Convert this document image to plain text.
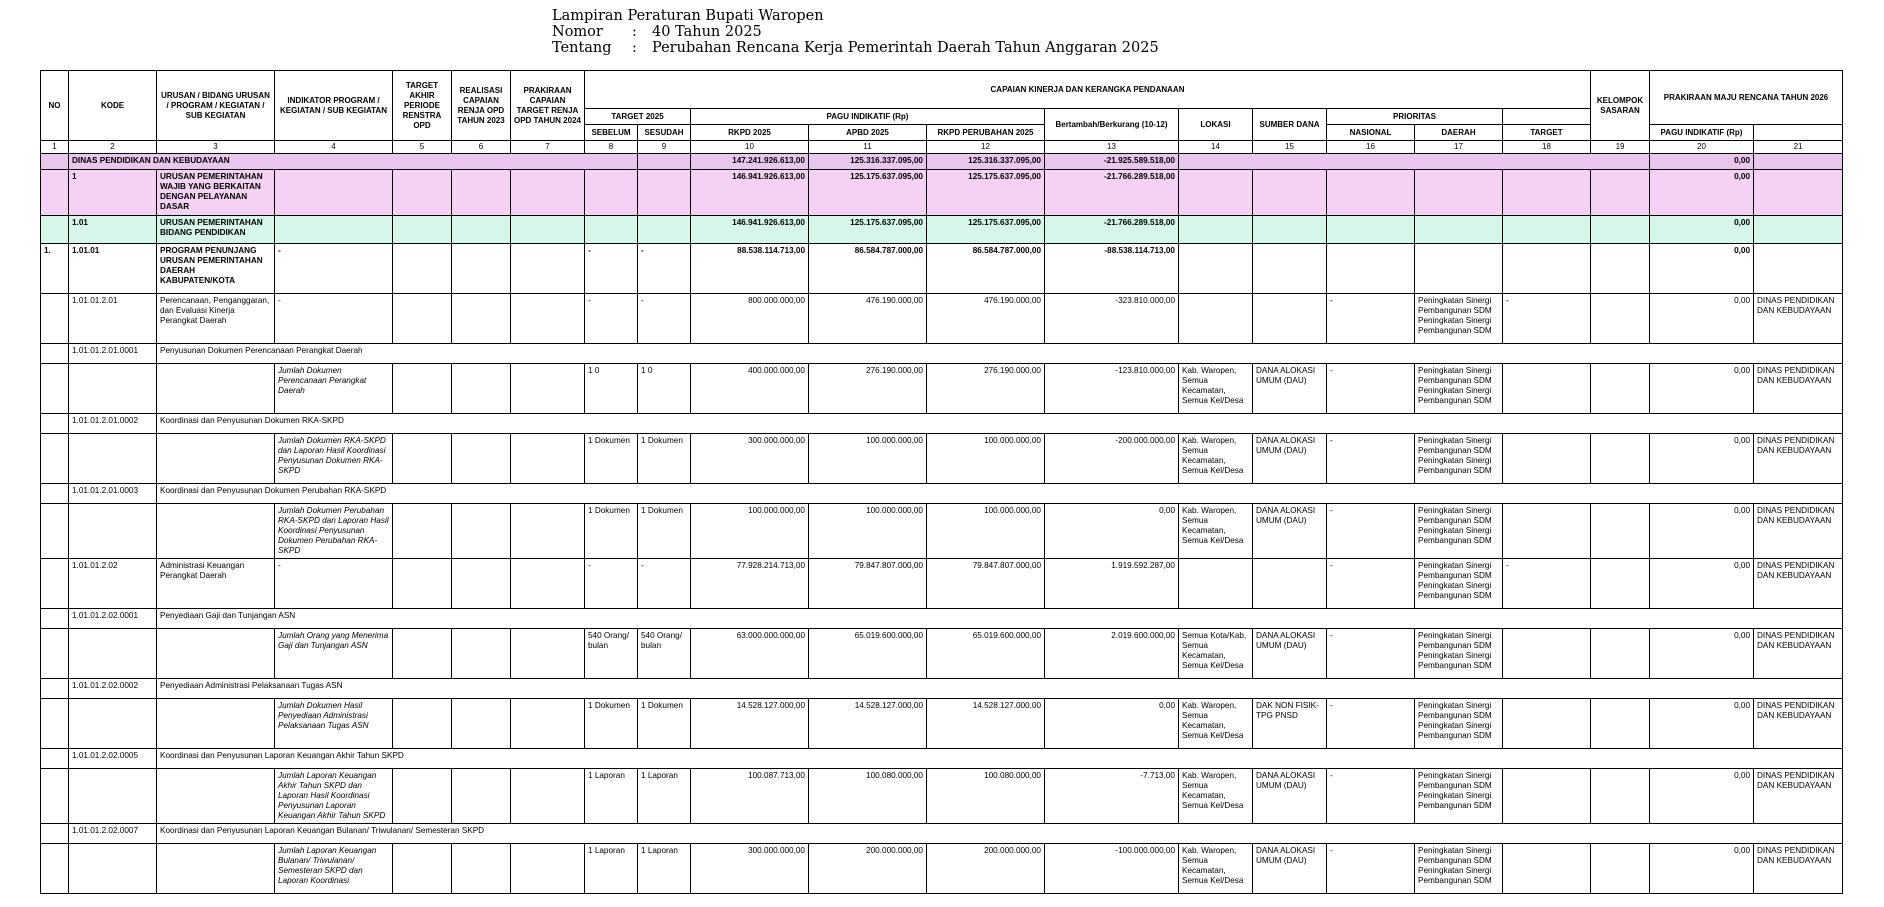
Lampiran Peraturan Bupati Waropen
Nomor	:	40 Tahun 2025
Tentang	:	Perubahan Rencana Kerja Pemerintah Daerah Tahun Anggaran 2025
NO	KODE	URUSAN / BIDANG URUSAN / PROGRAM / KEGIATAN / SUB KEGIATAN	INDIKATOR PROGRAM / KEGIATAN / SUB KEGIATAN	TARGET AKHIR PERIODE RENSTRA OPD	REALISASI CAPAIAN RENJA OPD TAHUN 2023	PRAKIRAAN CAPAIAN TARGET RENJA OPD TAHUN 2024	CAPAIAN KINERJA DAN KERANGKA PENDANAAN											KELOMPOK SASARAN	PRAKIRAAN MAJU RENCANA TAHUN 2026	
							TARGET 2025		PAGU INDIKATIF (Rp)			Bertambah/Berkurang (10-12)	LOKASI	SUMBER DANA	PRIORITAS						
							SEBELUM	SESUDAH	RKPD 2025	APBD 2025	RKPD PERUBAHAN 2025				NASIONAL	DAERAH	TARGET		PAGU INDIKATIF (Rp)		
1	2	3	4	5	6	7	8	9	10	11	12	13	14	15	16	17	18	19	20	21	
	DINAS PENDIDIKAN DAN KEBUDAYAAN								147.241.926.613,00	125.316.337.095,00	125.316.337.095,00	-21.925.589.518,00							0,00		
	1	URUSAN PEMERINTAHAN WAJIB YANG BERKAITAN DENGAN PELAYANAN DASAR							146.941.926.613,00	125.175.637.095,00	125.175.637.095,00	-21.766.289.518,00							0,00		
	1.01	URUSAN PEMERINTAHAN BIDANG PENDIDIKAN							146.941.926.613,00	125.175.637.095,00	125.175.637.095,00	-21.766.289.518,00							0,00		
1.	1.01.01	PROGRAM PENUNJANG URUSAN PEMERINTAHAN DAERAH KABUPATEN/KOTA	-				-	-	88.538.114.713,00	86.584.787.000,00	86.584.787.000,00	-88.538.114.713,00							0,00		
	1.01.01.2.01	Perencanaan, Penganggaran, dan Evaluasi Kinerja Perangkat Daerah	-				-	-	800.000.000,00	476.190.000,00	476.190.000,00	-323.810.000,00			-	Peningkatan Sinergi Pembangunan SDM Peningkatan Sinergi Pembangunan SDM	-		0,00	DINAS PENDIDIKAN DAN KEBUDAYAAN	
	1.01.01.2.01.0001	Penyusunan Dokumen Perencanaan Perangkat Daerah																			
			Jumlah Dokumen Perencanaan Perangkat Daerah				1 0	1 0	400.000.000,00	276.190.000,00	276.190.000,00	-123.810.000,00	Kab. Waropen, Semua Kecamatan, Semua Kel/Desa	DANA ALOKASI UMUM (DAU)	-	Peningkatan Sinergi Pembangunan SDM Peningkatan Sinergi Pembangunan SDM			0,00	DINAS PENDIDIKAN DAN KEBUDAYAAN	
	1.01.01.2.01.0002	Koordinasi dan Penyusunan Dokumen RKA-SKPD																			
			Jumlah Dokumen RKA-SKPD dan Laporan Hasil Koordinasi Penyusunan Dokumen RKA-SKPD				1 Dokumen	1 Dokumen	300.000.000,00	100.000.000,00	100.000.000,00	-200.000.000,00	Kab. Waropen, Semua Kecamatan, Semua Kel/Desa	DANA ALOKASI UMUM (DAU)	-	Peningkatan Sinergi Pembangunan SDM Peningkatan Sinergi Pembangunan SDM			0,00	DINAS PENDIDIKAN DAN KEBUDAYAAN	
	1.01.01.2.01.0003	Koordinasi dan Penyusunan Dokumen Perubahan RKA-SKPD																			
			Jumlah Dokumen Perubahan RKA-SKPD dan Laporan Hasil Koordinasi Penyusunan Dokumen Perubahan RKA-SKPD				1 Dokumen	1 Dokumen	100.000.000,00	100.000.000,00	100.000.000,00	0,00	Kab. Waropen, Semua Kecamatan, Semua Kel/Desa	DANA ALOKASI UMUM (DAU)	-	Peningkatan Sinergi Pembangunan SDM Peningkatan Sinergi Pembangunan SDM			0,00	DINAS PENDIDIKAN DAN KEBUDAYAAN	
	1.01.01.2.02	Administrasi Keuangan Perangkat Daerah	-				-	-	77.928.214.713,00	79.847.807.000,00	79.847.807.000,00	1.919.592.287,00			-	Peningkatan Sinergi Pembangunan SDM Peningkatan Sinergi Pembangunan SDM	-		0,00	DINAS PENDIDIKAN DAN KEBUDAYAAN	
	1.01.01.2.02.0001	Penyediaan Gaji dan Tunjangan ASN																			
			Jumlah Orang yang Menerima Gaji dan Tunjangan ASN				540 Orang/ bulan	540 Orang/ bulan	63.000.000.000,00	65.019.600.000,00	65.019.600.000,00	2.019.600.000,00	Semua Kota/Kab, Semua Kecamatan, Semua Kel/Desa	DANA ALOKASI UMUM (DAU)	-	Peningkatan Sinergi Pembangunan SDM Peningkatan Sinergi Pembangunan SDM			0,00	DINAS PENDIDIKAN DAN KEBUDAYAAN	
	1.01.01.2.02.0002	Penyediaan Administrasi Pelaksanaan Tugas ASN																			
			Jumlah Dokumen Hasil Penyediaan Administrasi Pelaksanaan Tugas ASN				1 Dokumen	1 Dokumen	14.528.127.000,00	14.528.127.000,00	14.528.127.000,00	0,00	Kab. Waropen, Semua Kecamatan, Semua Kel/Desa	DAK NON FISIK-TPG PNSD	-	Peningkatan Sinergi Pembangunan SDM Peningkatan Sinergi Pembangunan SDM			0,00	DINAS PENDIDIKAN DAN KEBUDAYAAN	
	1.01.01.2.02.0005	Koordinasi dan Penyusunan Laporan Keuangan Akhir Tahun SKPD																			
			Jumlah Laporan Keuangan Akhir Tahun SKPD dan Laporan Hasil Koordinasi Penyusunan Laporan Keuangan Akhir Tahun SKPD				1 Laporan	1 Laporan	100.087.713,00	100.080.000,00	100.080.000,00	-7.713,00	Kab. Waropen, Semua Kecamatan, Semua Kel/Desa	DANA ALOKASI UMUM (DAU)	-	Peningkatan Sinergi Pembangunan SDM Peningkatan Sinergi Pembangunan SDM			0,00	DINAS PENDIDIKAN DAN KEBUDAYAAN	
	1.01.01.2.02.0007	Koordinasi dan Penyusunan Laporan Keuangan Bulanan/ Triwulanan/ Semesteran SKPD																			
			Jumlah Laporan Keuangan Bulanan/ Triwulanan/ Semesteran SKPD dan Laporan Koordinasi				1 Laporan	1 Laporan	300.000.000,00	200.000.000,00	200.000.000,00	-100.000.000,00	Kab. Waropen, Semua Kecamatan, Semua Kel/Desa	DANA ALOKASI UMUM (DAU)	-	Peningkatan Sinergi Pembangunan SDM Peningkatan Sinergi Pembangunan SDM			0,00	DINAS PENDIDIKAN DAN KEBUDAYAAN	
